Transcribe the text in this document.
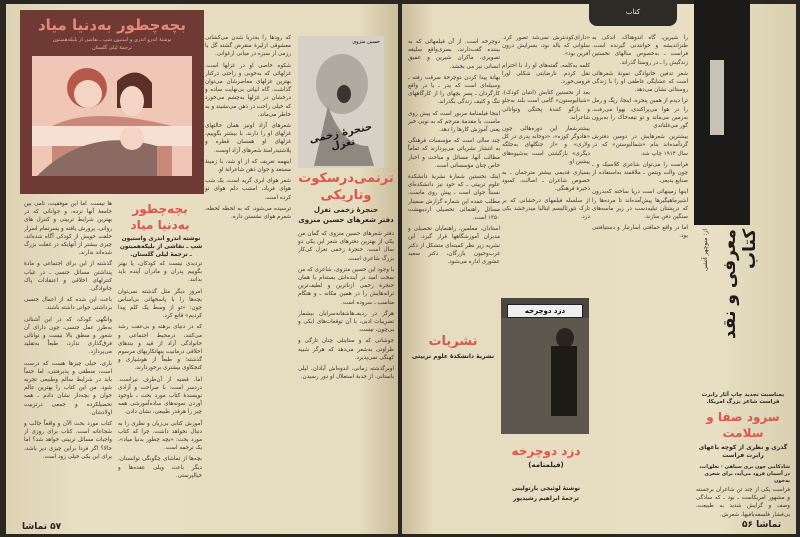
بچه‌چطور به‌دنیا میاد
نوشتهٔ اندرو اندری و استیون شپ ـ نقاشی از بلیکه‌همیتون
ترجمهٔ لیلی گلستان

که رودها را به‌دریا شدن می‌کشانی معشوقی ازلیرهٔ منقرض گشته گل یا رزمی از سبزه در میانی ارغوانی.

شکوه خاصی او در غزلها است. غزلهائی که به‌خوبی و راحتی درکنار بهترین غزلهای معاصرشان می‌توان گذاشت. گاه ابیاتی بی‌نهایت ساده و درخشان در غزلها به‌چشم می‌خورد که خیلی راحت در ذهن می‌نشیند و به خاطر می‌ماند.

شعرهای آزاد اونیز همان حالتهای غزلهای او را دارند. با بیشتر بگوییم، غزلهای او همسان قطره و پلاشتیدرامنهٔ شعرهای آزاد اوست.

اینهمه تعریف که از او شد، با زمینهٔ مستعد و جوان ذهن شاعرانهٔ او.

شعر هوای ابری گریه است، یک شب هوای فریاد، امشب دلم هوای تو کرده است.

ترسیده می‌شود، که به لحظه لحظه، شعرم هوای نشستن داره.

حسین منزوی
حنجرهٔ زخمی تغزل
ترنمی‌درسکوت وتاریکی
حنجرهٔ زخمی تغزل
دفتر شعرهای حسین منزوی

دفتر شعرهای حسین منزوی که گمان من یکی از بهترین دفترهای شعر این یکی دو سال است. حنجرهٔ زخمی تغزل کی‌کار بزرگ شاعری است.

با وجود این حسین منزوی، شاعری که من سخت امید در آینده‌اش بسته‌ام با همان حنجرهٔ زخمی ازناترین و لطیف‌ترین ترانه‌هایش را در همین مکانه ـ و هنگام مناسب ـ سروده است.

هرگز در ردیف‌هاشقانه‌سرایان بیشمار تضریبات ادبی، با آن توقعات‌های ایکی و بی‌چون، نیست.

جوشانی که و ستاینلی چنان تارگی و طراوتی به‌شعر می‌دهد که هرگز شبیه کهنگی نمی‌پذیرد.

اوبرگذشته زمانی، اندوه‌اش آبادان، لیلی باستانی. از جذبهٔ استعلال او دور رسیدن.

بچه‌چطور به‌دنیا میاد
نوشته اندرو اندری واستیون شپ ـ نقاشی از بلیکه‌همیتون ـ ترجمهٔ لیلی گلستان.

تردیدی نیست که کودکان، یا بهتر بگوییم پدران و مادران آینده باید بدانند.

امروز دیگر مثل گذشته نمی‌توان بچه‌ها را با پاسخهائی بی‌اساس چون: «تو از وسط یک کلم پیدا کردیم» قانع کرد.

که در دنیای برهنه و بی‌عفت رشد می‌کنند، درمحیط اجتماعی و خانوادگی آزاد از قید و بندهای اخلاقی درمانیت پنهانکاریهای مرسوم گذشته؛ و طبعاً از هوشیاری و کنجکاوی بیشتری برخوردارند.

اما، قضیه از آن‌طرف تیزاست. دردسر است: با صراحت و آزادی نویسندهٔ کتاب مورد بحث ـ باوجود آوردن نمونه‌های ساده‌آموزشی همه چیز را هرقدر طبیعی، نشان دادن.

آموزش کتابی بی‌زبان و نظری را به دنبال نخواهد داشت. چرا که کتاب مورد بحث: «بچه چطور بدنیا میاد»، یک ترجمه است.

بچه‌ها از تماشای چگونگی توانستان، دیگر باعث ویلی عقده‌ها و خیالپرستی.

ها نیست. اما این موفقیت، تامی بین جامعهٔ آنها نزده، و جوانانی که در بهترین شرایط تربیتی و کنترل های روانی، پرورش یافته و پسرتمام اسرار خلقت خویش از کودکی آگاه شده‌اند، چیزی بیشتر از آنهایکه در غفلت بزرگ شده‌اند ندارند.

گذشته از این برای اجتماعی و مادهٔ پنداشتن مسائل جنسی ـ در غیاب کنترلهای اخلاقی و اعتقادات پاک جانوادگی.

باعث این شده که از اعمال جنسی برداشتی جوانی داشته باشند.

وانگهی کودک، که در این آشنائی به‌طرز عمل جنسی، چون دارای آن شعور و منطق بالا نیست و توانائی فرق‌گذاری ندارد، طبعاً به‌تقلید می‌پردازد.

باری، خیلی چیزها هست که درست است، منطقی و پذیرفتنی، اما حتماً باید در شرایط سالم وطبیعی تجربه شود. من این کتاب را بهترین عالم جوان و بچه‌دار نشان دادم ـ همه تحصیلکرده و جمعی درتربیت اولادشان.

کتاب مورد بحث الآن و واقعاً جالب و شجاعانه است. کتاب برای روزی از واجبات مسائل تربیتی خواهد شد؟ اما حالا؟ اگر فردا براین چیزی دیر باشد، برای این یکی خیلی زود است.

۵۷ تماشا
کتاب

دوچرخه است. از آن فیلمهائی که به بیننده گفت‌دارند، بصری‌واقع سلیقه تصویری، ماکران شیرین و عمیق انسانی نیز می بخشد.

بهانهٔ پیدا کردن دوچرخهٔ سرقت رفته ـ وسیله‌ای است که پدر ـ یا در واقع کارگردان ـ پسر بچهای را از کارگاههای تنگ و کثیف زندگی بگذراند.

اینجا فیلمنامهٔ مزبور است که پیش روی ماست. با مقدمهٔ مترجم که به نوبی خبر یعنی آموزش کارها را دهد.

چند سالی است که مؤسسات فرهنگی به انتشار نشریاتی می‌پردازند که تماماً مطالب آنها، مسائل و مباحث و اخبار خاص چنان مؤسساتی است.

اینک نخستین شمارهٔ نشریهٔ دانشکدهٔ علوم تربیتی ـ که خود نیز دانشکده‌ای نسبتاً جوان است ـ پیش روی ماست. مطلب عمده این شماره گزارش سمینار مسائل راهنمائی تحصیلی اردیبهشت ۱۳۵۰ است.

استادان، معلمین، راهنمایان تحصیلی و مدیران آموزشگاهها قرار گیرد. این نشریه زیر نظر کمیته‌ای متشکل از دکتر غرب‌وحیون بازرگان، دکتر سعید عشوری اداره می‌شود.

نشریات
نشریهٔ دانشکدهٔ علوم تربیتی

«دارای‌کودنترش نمی‌شد تصور کرد. سلوانی که باله بود، بسرایش درون آفرین بود».

کلمه به‌کلمه، گفته‌های او را، با احترام نقل کردم. نارضایتی شکلی اورا فرومی‌خورد.

بعد از نخستین کتابش (انتبان کودک)، «شبالبوستون» گامی است بلند به‌جلو و بازگو کنندهٔ پختگی وتوانائی شاعرانه.

بیشترشعار این دوره‌هالی چون «هادوگر کوزه»، «دوخانه پدری در کل ولاری» و «از جنگلهای به‌جلگه دیگری» بازگشتی است به‌شیوه‌های پیشین او.

بسیاری قدیمی بیشتر مترجمان ـ به خصوص شاعران ـ اصالت، کمبود ذخیرهٔ فرهنگی.

از سلسله فیلمهای درخشانی که بر تارک نئورئالیسم ایتالیا میدرخشد یکی دزد.

دزد دوچرخه
دزد دوچرخه
(فیلمنامه)
نوشتهٔ لوئیجی بارتولینی
ترجمهٔ ابراهیم رشیدپور

را شیرین، گاه اندوهناک، اندکی به‌ طنزاندیشه و خوانندنی گیرنده است. فراست ـ به‌خصوص سالهای نخستین زندگیش را ـ در روستا گذراند.

شعر تدفین خانوادگی نمونهٔ شعرهائی است که عشایگی عاطفی او را با زندگی روستائی نشان می‌دهد.

ترا دیدم از همین پنجره، اینجا، ریگ و رمل را در هوا می‌پراکندی، بهوا می‌رفت، به‌زمین می‌ماند و تو تیغه‌خاک را به‌برون گور می‌غلتاندی

بیشترین شعرهایش در دومین دفترش گردآمده‌اند بنام «شمالبوستن» که در سال ۱۹۱۴ چاپ شد.

فراست را می‌توان شاعری کلاسیک و ـ چون والت ویتمن ـ ملاقمند به‌استفاده از صنایع بدیعی.

اینها زمینهائی است دریا ساخته که‌بدرون اشیرماهیگیرها پیش‌آمده‌اند تا مرده‌ها را که درپشتان تیلیه‌دست در زیر ماسه‌های سنگین دفن سازند.

اما در واقع حماقتی اسارتبار و دستیافتنی بود. معرفی و نقد کتاب
از: منوچهر آتشی
بمناسبت تجدید چاپ آثار رابرت فراست شاعر بزرگ امریکا.
سرود صفا و سلامت
گذری و نظری از کوچه باغهای رابرت فراست
شادکامی چون بری سیاهی · تعلق‌ات، در آسمان فرود می‌آید، برای شعری به‌خون

فراست یکی از چند تن شاعران برجسته و مشهور امریکاست ـ بود ـ که سادگی وصف و گرایش شدید به طبیعت، بی‌فشار فلسفه‌بافیها، شعرش.

تماشا ۵۶
